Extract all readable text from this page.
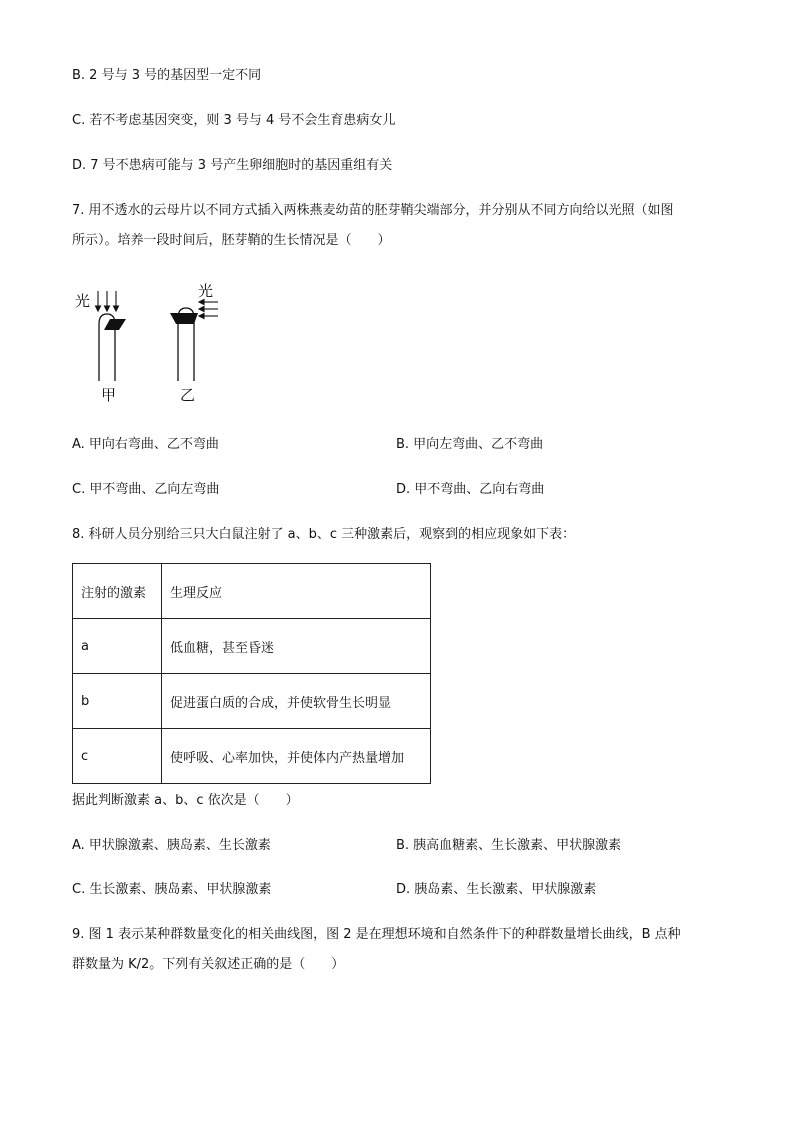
B. 2 号与 3 号的基因型一定不同
C. 若不考虑基因突变，则 3 号与 4 号不会生育患病女儿
D. 7 号不患病可能与 3 号产生卵细胞时的基因重组有关
7. 用不透水的云母片以不同方式插入两株燕麦幼苗的胚芽鞘尖端部分，并分别从不同方向给以光照（如图
所示）。培养一段时间后，胚芽鞘的生长情况是（　　）
光
甲
光
乙
A. 甲向右弯曲、乙不弯曲	B. 甲向左弯曲、乙不弯曲
C. 甲不弯曲、乙向左弯曲	D. 甲不弯曲、乙向右弯曲
8. 科研人员分别给三只大白鼠注射了 a、b、c 三种激素后，观察到的相应现象如下表：
注射的激素	生理反应
a	低血糖，甚至昏迷
b	促进蛋白质的合成，并使软骨生长明显
c	使呼吸、心率加快，并使体内产热量增加
据此判断激素 a、b、c 依次是（　　）
A. 甲状腺激素、胰岛素、生长激素	B. 胰高血糖素、生长激素、甲状腺激素
C. 生长激素、胰岛素、甲状腺激素	D. 胰岛素、生长激素、甲状腺激素
9. 图 1 表示某种群数量变化的相关曲线图，图 2 是在理想环境和自然条件下的种群数量增长曲线，B 点种
群数量为 K/2。下列有关叙述正确的是（　　）
